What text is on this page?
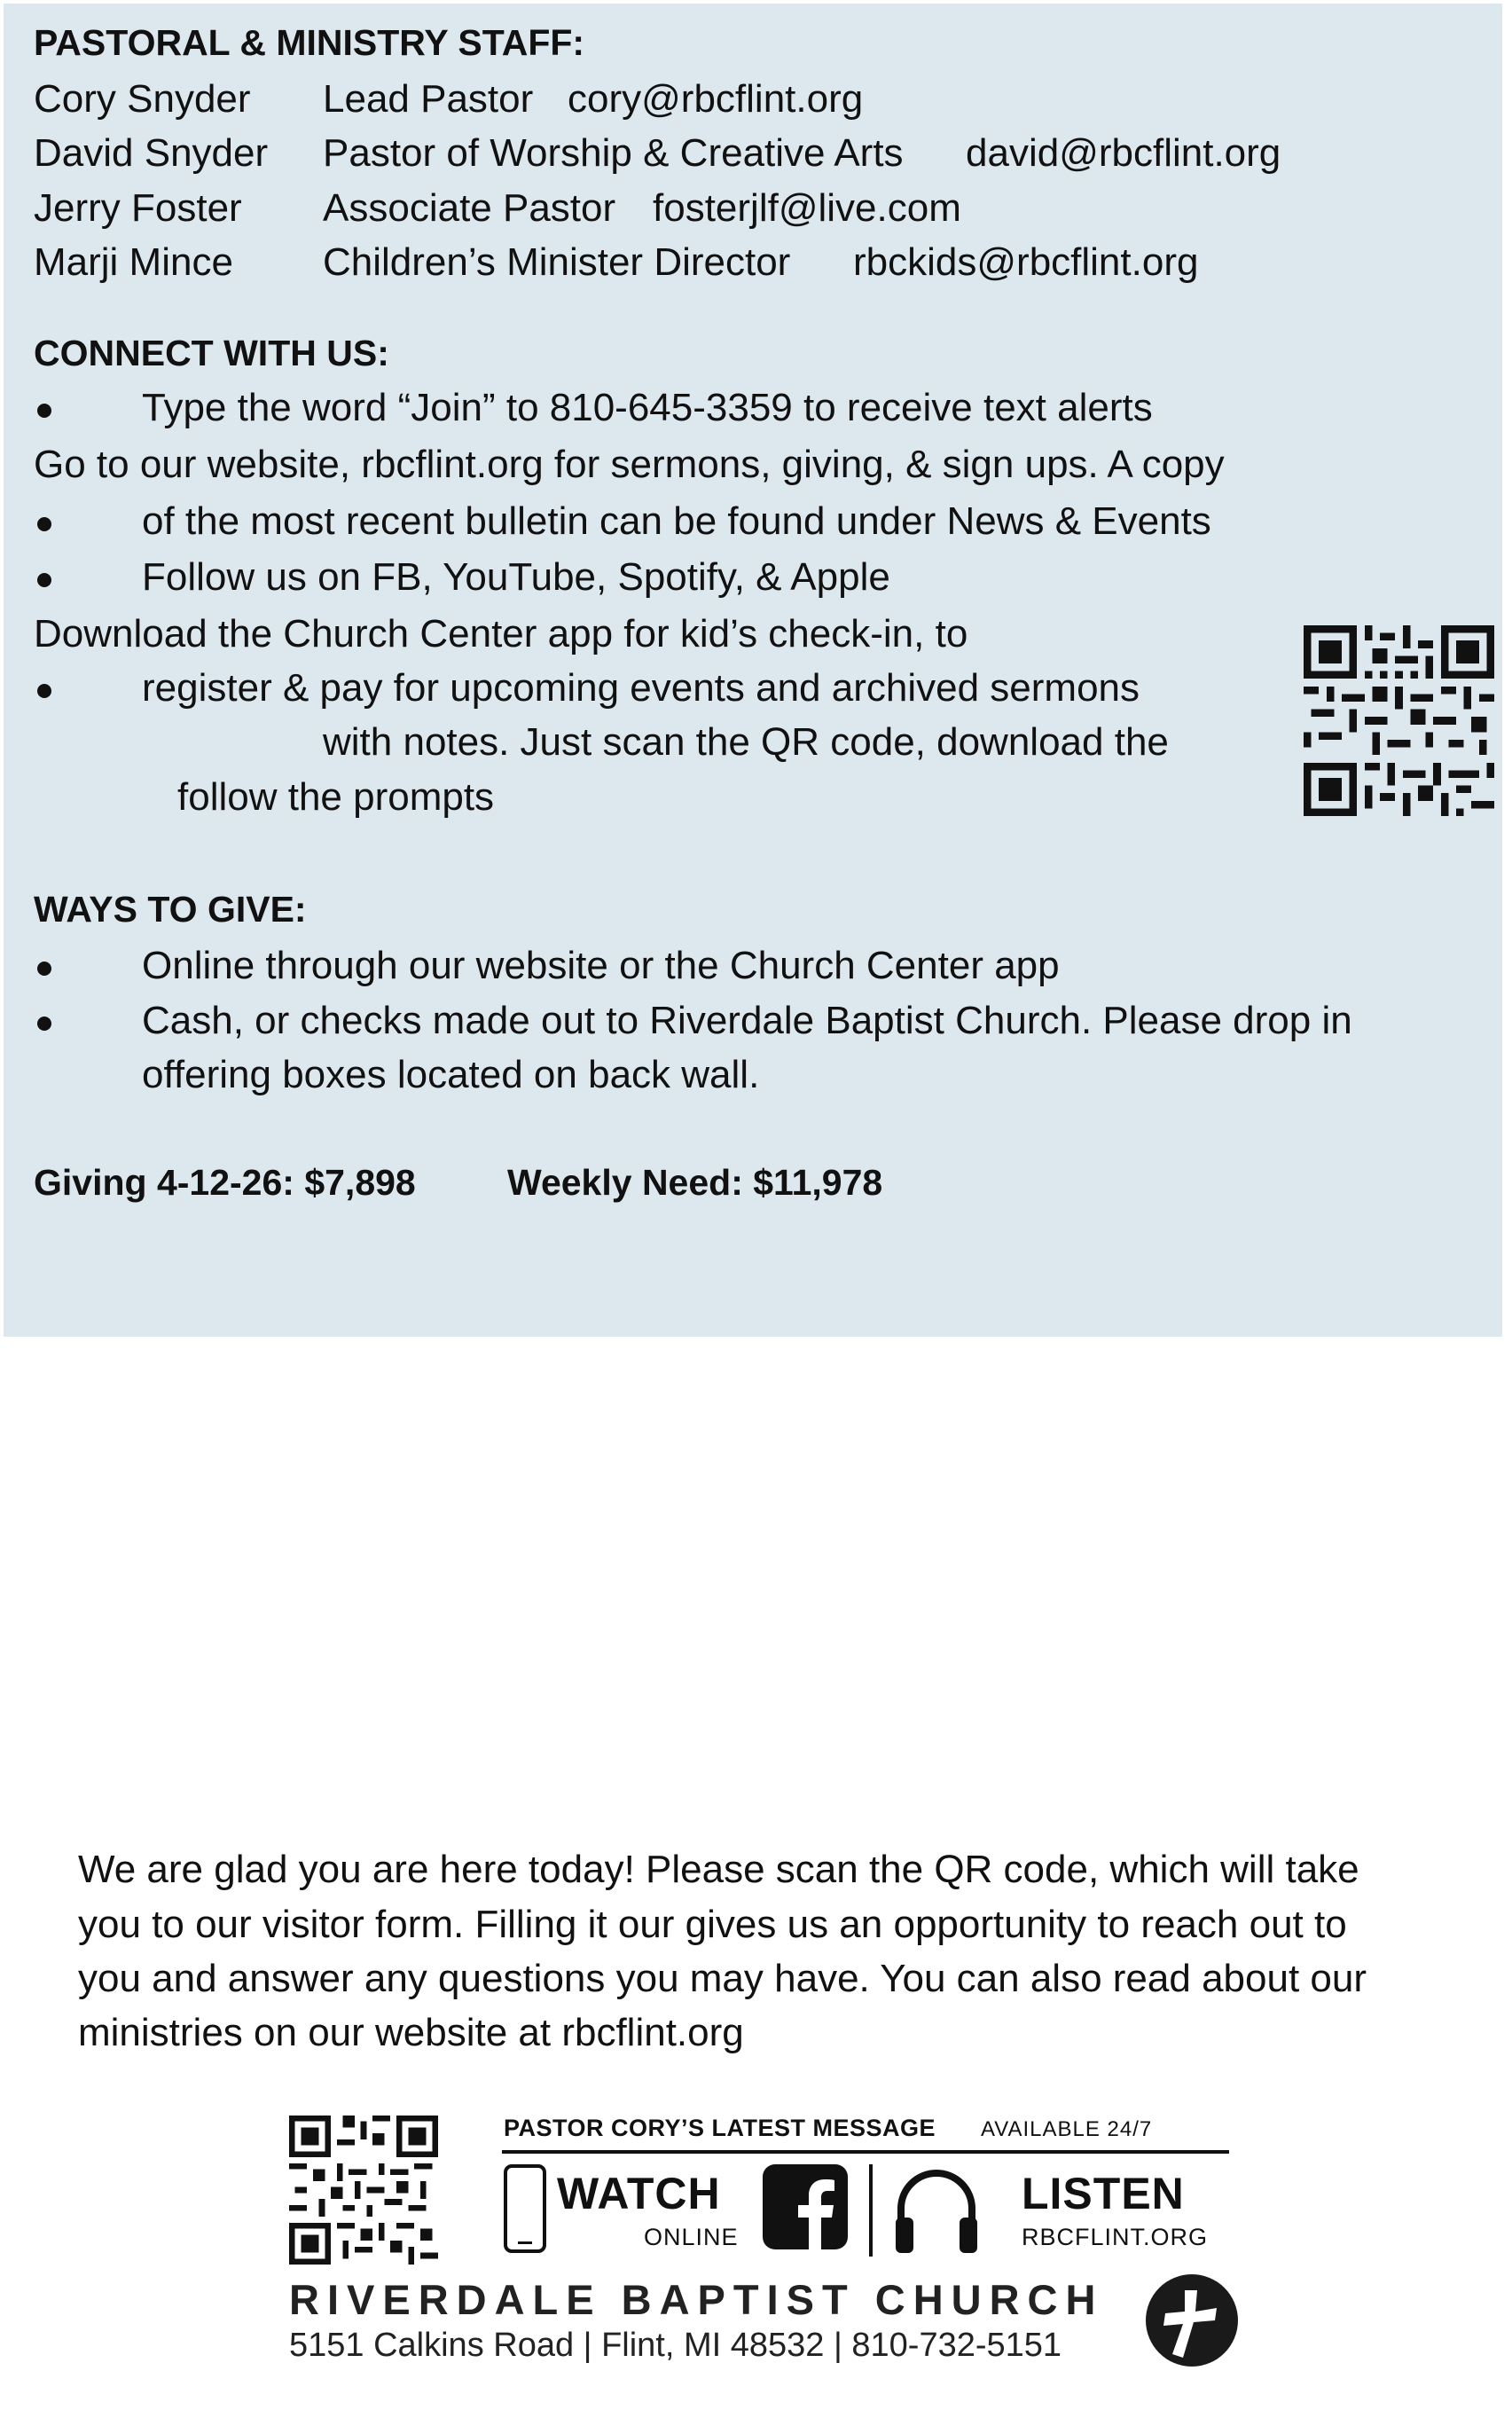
PASTORAL & MINISTRY STAFF:
Cory Snyder Lead Pastor cory@rbcflint.org
David Snyder Pastor of Worship & Creative Arts david@rbcflint.org
Jerry Foster Associate Pastor fosterjlf@live.com
Marji Mince Children’s Minister Director rbckids@rbcflint.org
CONNECT WITH US:
Type the word “Join” to 810-645-3359 to receive text alerts
Go to our website, rbcflint.org for sermons, giving, & sign ups. A copy
of the most recent bulletin can be found under News & Events
Follow us on FB, YouTube, Spotify, & Apple
Download the Church Center app for kid’s check-in, to
register & pay for upcoming events and archived sermons
with notes. Just scan the QR code, download the
follow the prompts
WAYS TO GIVE:
Online through our website or the Church Center app
Cash, or checks made out to Riverdale Baptist Church. Please drop in
offering boxes located on back wall.
Giving 4-12-26: $7,898	Weekly Need: $11,978
We are glad you are here today! Please scan the QR code, which will take
you to our visitor form. Filling it our gives us an opportunity to reach out to
you and answer any questions you may have. You can also read about our
ministries on our website at rbcflint.org
PASTOR CORY’S LATEST MESSAGE AVAILABLE 24/7
WATCH
ONLINE
LISTEN
RBCFLINT.ORG
RIVERDALE BAPTIST CHURCH
5151 Calkins Road | Flint, MI 48532 | 810-732-5151
